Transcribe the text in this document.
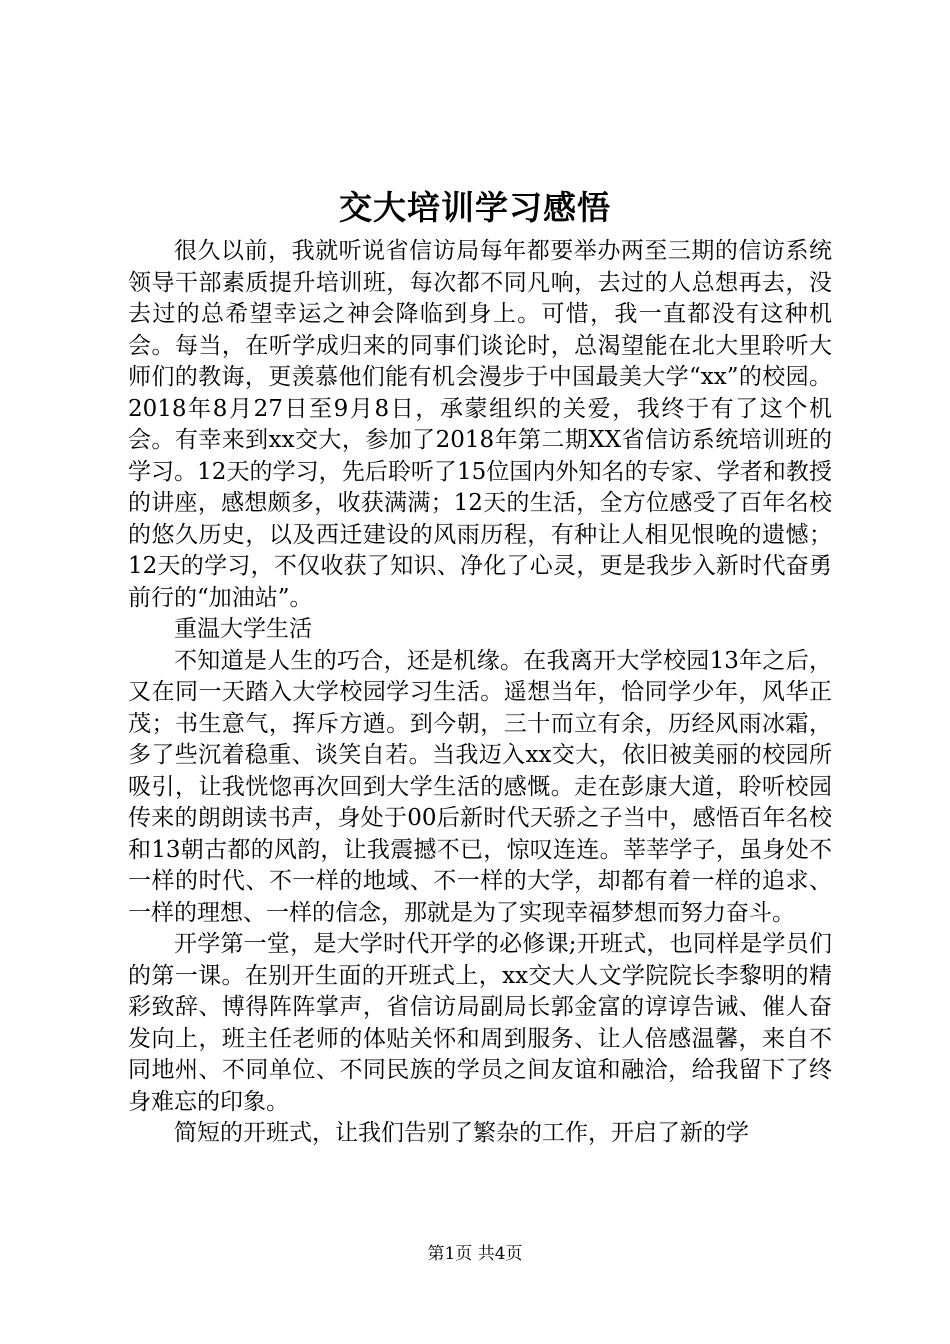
交大培训学习感悟

很久以前，我就听说省信访局每年都要举办两至三期的信访系统领导干部素质提升培训班，每次都不同凡响，去过的人总想再去，没去过的总希望幸运之神会降临到身上。可惜，我一直都没有这种机会。每当，在听学成归来的同事们谈论时，总渴望能在北大里聆听大师们的教诲，更羡慕他们能有机会漫步于中国最美大学“xx”的校园。2018年8月27日至9月8日，承蒙组织的关爱，我终于有了这个机会。有幸来到xx交大，参加了2018年第二期XX省信访系统培训班的学习。12天的学习，先后聆听了15位国内外知名的专家、学者和教授的讲座，感想颇多，收获满满；12天的生活，全方位感受了百年名校的悠久历史，以及西迁建设的风雨历程，有种让人相见恨晚的遗憾；12天的学习，不仅收获了知识、净化了心灵，更是我步入新时代奋勇前行的“加油站”。

重温大学生活

不知道是人生的巧合，还是机缘。在我离开大学校园13年之后，又在同一天踏入大学校园学习生活。遥想当年，恰同学少年，风华正茂；书生意气，挥斥方遒。到今朝，三十而立有余，历经风雨冰霜，多了些沉着稳重、谈笑自若。当我迈入xx交大，依旧被美丽的校园所吸引，让我恍惚再次回到大学生活的感慨。走在彭康大道，聆听校园传来的朗朗读书声，身处于00后新时代天骄之子当中，感悟百年名校和13朝古都的风韵，让我震撼不已，惊叹连连。莘莘学子，虽身处不一样的时代、不一样的地域、不一样的大学，却都有着一样的追求、一样的理想、一样的信念，那就是为了实现幸福梦想而努力奋斗。

开学第一堂，是大学时代开学的必修课;开班式，也同样是学员们的第一课。在别开生面的开班式上，xx交大人文学院院长李黎明的精彩致辞、博得阵阵掌声，省信访局副局长郭金富的谆谆告诫、催人奋发向上，班主任老师的体贴关怀和周到服务、让人倍感温馨，来自不同地州、不同单位、不同民族的学员之间友谊和融洽，给我留下了终身难忘的印象。

简短的开班式，让我们告别了繁杂的工作，开启了新的学

第1页 共4页
